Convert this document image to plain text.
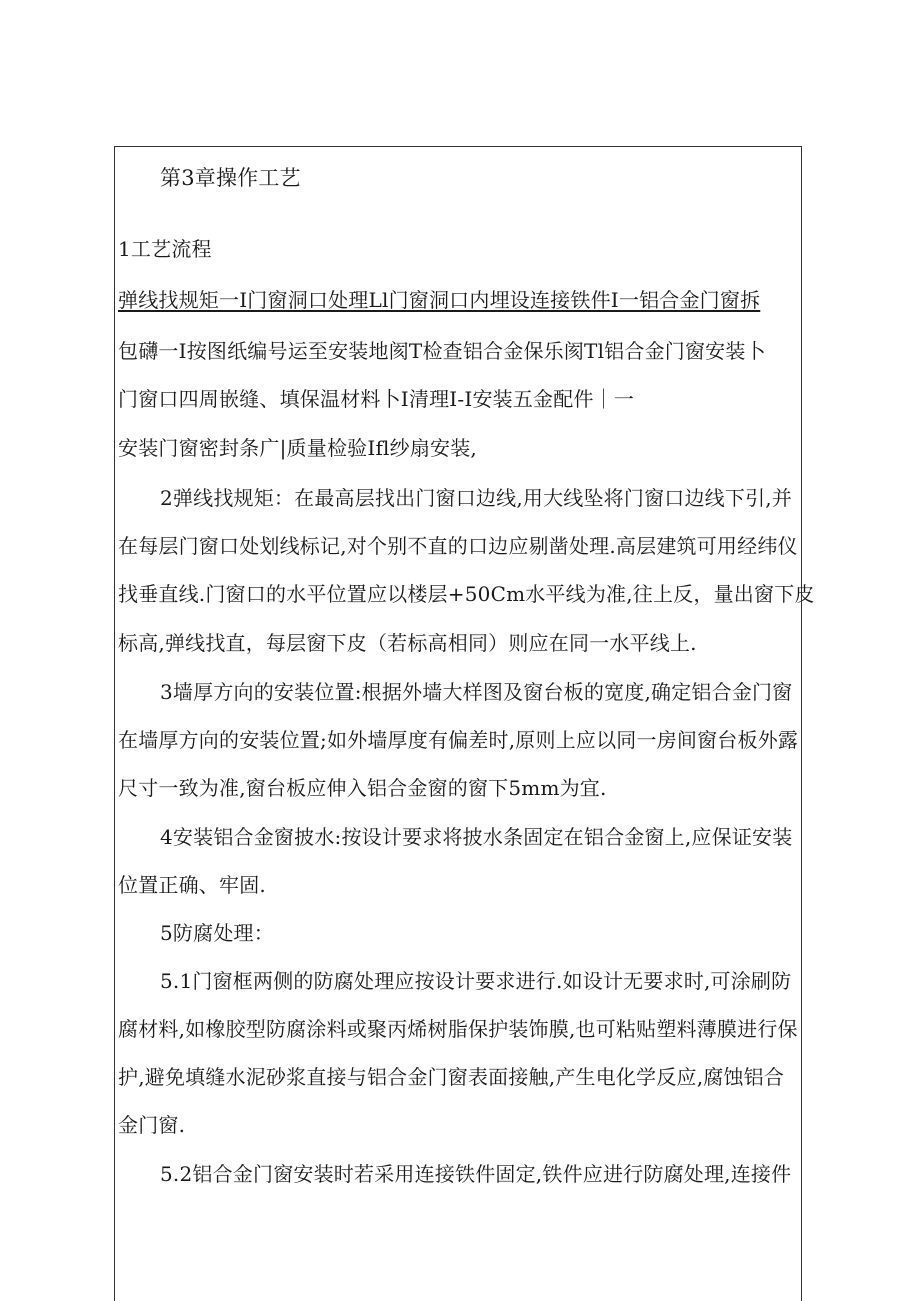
第3章操作工艺
1工艺流程
弹线找规矩一I门窗洞口处理Ll门窗洞口内埋设连接铁件I一铝合金门窗拆
包礴一I按图纸编号运至安装地阂T检查铝合金保乐阂Tl铝合金门窗安装卜
门窗口四周嵌缝、填保温材料卜I清理I-I安装五金配件｜一
安装门窗密封条广|质量检验Ifl纱扇安装,
2弹线找规矩：在最高层找出门窗口边线,用大线坠将门窗口边线下引,并
在每层门窗口处划线标记,对个别不直的口边应剔凿处理.高层建筑可用经纬仪
找垂直线.门窗口的水平位置应以楼层+50Cm水平线为准,往上反，量出窗下皮
标高,弹线找直，每层窗下皮（若标高相同）则应在同一水平线上.
3墙厚方向的安装位置:根据外墙大样图及窗台板的宽度,确定铝合金门窗
在墙厚方向的安装位置;如外墙厚度有偏差时,原则上应以同一房间窗台板外露
尺寸一致为准,窗台板应伸入铝合金窗的窗下5mm为宜.
4安装铝合金窗披水:按设计要求将披水条固定在铝合金窗上,应保证安装
位置正确、牢固.
5防腐处理：
5.1门窗框两侧的防腐处理应按设计要求进行.如设计无要求时,可涂刷防
腐材料,如橡胶型防腐涂料或聚丙烯树脂保护装饰膜,也可粘贴塑料薄膜进行保
护,避免填缝水泥砂浆直接与铝合金门窗表面接触,产生电化学反应,腐蚀铝合
金门窗.
5.2铝合金门窗安装时若采用连接铁件固定,铁件应进行防腐处理,连接件
